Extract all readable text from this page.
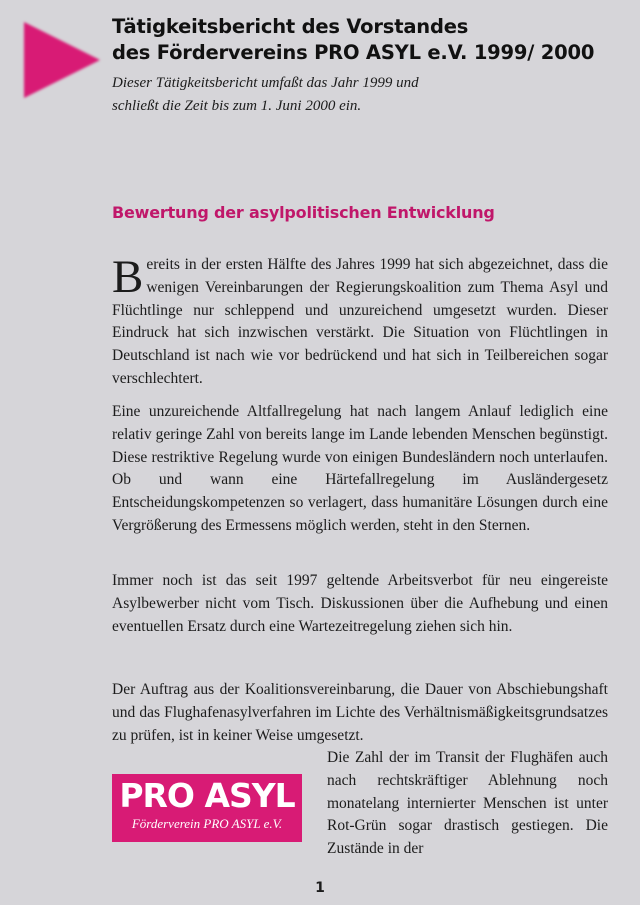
Tätigkeitsbericht des Vorstandes
des Fördervereins PRO ASYL e.V. 1999/ 2000

Dieser Tätigkeitsbericht umfaßt das Jahr 1999 und
schließt die Zeit bis zum 1. Juni 2000 ein.

Bewertung der asylpolitischen Entwicklung

Bereits in der ersten Hälfte des Jahres 1999 hat sich abgezeichnet, dass die wenigen Vereinbarungen der Regierungskoalition zum Thema Asyl und Flüchtlinge nur schleppend und unzureichend umgesetzt wurden. Dieser Eindruck hat sich inzwischen verstärkt. Die Situation von Flüchtlingen in Deutschland ist nach wie vor bedrückend und hat sich in Teilbereichen sogar verschlechtert.

Eine unzureichende Altfallregelung hat nach langem Anlauf lediglich eine relativ geringe Zahl von bereits lange im Lande lebenden Menschen begünstigt. Diese restriktive Regelung wurde von einigen Bundesländern noch unterlaufen. Ob und wann eine Härtefallregelung im Ausländergesetz Entscheidungskompetenzen so verlagert, dass humanitäre Lösungen durch eine Vergrößerung des Ermessens möglich werden, steht in den Sternen.

Immer noch ist das seit 1997 geltende Arbeitsverbot für neu eingereiste Asylbewerber nicht vom Tisch. Diskussionen über die Aufhebung und einen eventuellen Ersatz durch eine Wartezeitregelung ziehen sich hin.

Der Auftrag aus der Koalitionsvereinbarung, die Dauer von Abschiebungshaft und das Flughafenasylverfahren im Lichte des Verhältnismäßigkeitsgrundsatzes zu prüfen, ist in keiner Weise umgesetzt.

PRO ASYL
Förderverein PRO ASYL e.V.

Die Zahl der im Transit der Flughäfen auch nach rechtskräftiger Ablehnung noch monatelang internierter Menschen ist unter Rot-Grün sogar drastisch gestiegen. Die Zustände in der

1
